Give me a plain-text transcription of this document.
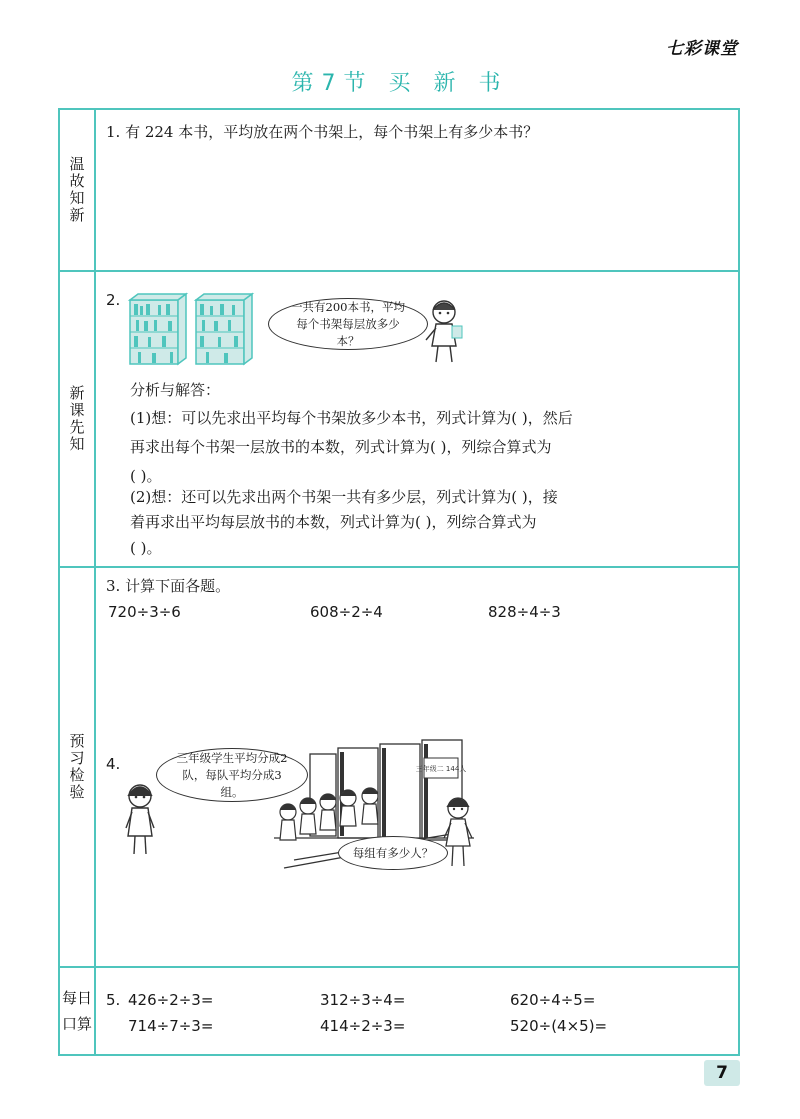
七彩课堂
第7节 买 新 书
温故知新
1. 有 224 本书，平均放在两个书架上，每个书架上有多少本书？
新课先知
2.	一共有200本书，平均每个书架每层放多少本？
分析与解答：
(1)想：可以先求出平均每个书架放多少本书，列式计算为( )，然后
再求出每个书架一层放书的本数，列式计算为( )，列综合算式为
( )。
(2)想：还可以先求出两个书架一共有多少层，列式计算为( )，接
着再求出平均每层放书的本数，列式计算为( )，列综合算式为
( )。
预习检验
3. 计算下面各题。
720÷3÷6	608÷2÷4	828÷4÷3
4.	三年级学生平均分成2队，每队平均分成3组。
三年级二 144人
每组有多少人？
每日口算
5. 426÷2÷3=	312÷3÷4=	620÷4÷5=
714÷7÷3=	414÷2÷3=	520÷(4×5)=
7
